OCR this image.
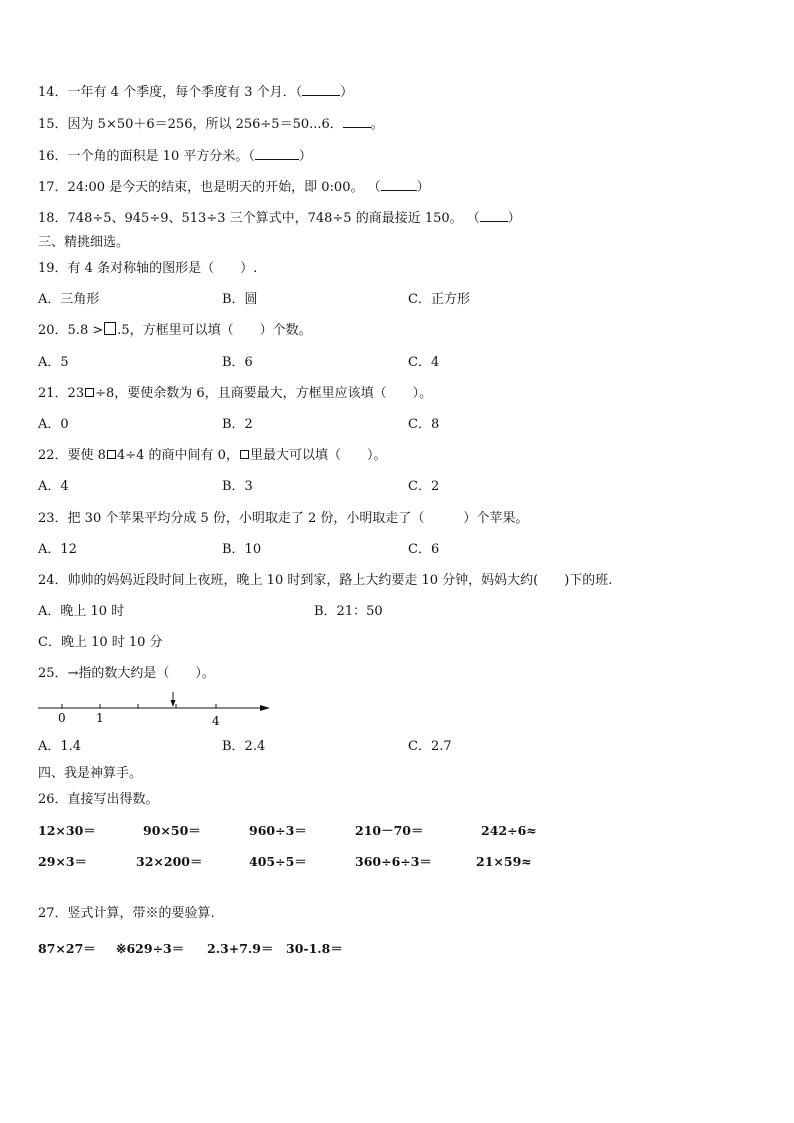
14．一年有 4 个季度，每个季度有 3 个月．（	）
15．因为 5×50＋6＝256，所以 256÷5＝50...6． 。
16．一个角的面积是 10 平方分米。（	）
17．24:00 是今天的结束，也是明天的开始，即 0:00。 （	）
18．748÷5、945÷9、513÷3 三个算式中，748÷5 的商最接近 150。 （ ）
三、精挑细选。
19．有 4 条对称轴的图形是（　　）.
A．三角形	B．圆	C．正方形
20．5.8 > .5，方框里可以填（　　）个数。
A．5	B．6	C．4
21．23 ÷8，要使余数为 6，且商要最大，方框里应该填（　　）。
A．0	B．2	C．8
22．要使 8 4÷4 的商中间有 0， 里最大可以填（　　）。
A．4	B．3	C．2
23．把 30 个苹果平均分成 5 份，小明取走了 2 份，小明取走了（　　　）个苹果。
A．12	B．10	C．6
24．帅帅的妈妈近段时间上夜班，晚上 10 时到家，路上大约要走 10 分钟，妈妈大约(　　)下的班.
A．晚上 10 时	B．21：50
C．晚上 10 时 10 分
25．→指的数大约是（　　）。
0	1	4
A．1.4	B．2.4	C．2.7
四、我是神算手。
26．直接写出得数。
12×30＝	90×50＝	960÷3＝	210－70＝	242÷6≈
29×3＝	32×200＝	405÷5＝	360÷6÷3＝	21×59≈
27．竖式计算，带※的要验算.
87×27＝ ※629÷3＝ 2.3+7.9＝ 30-1.8＝
